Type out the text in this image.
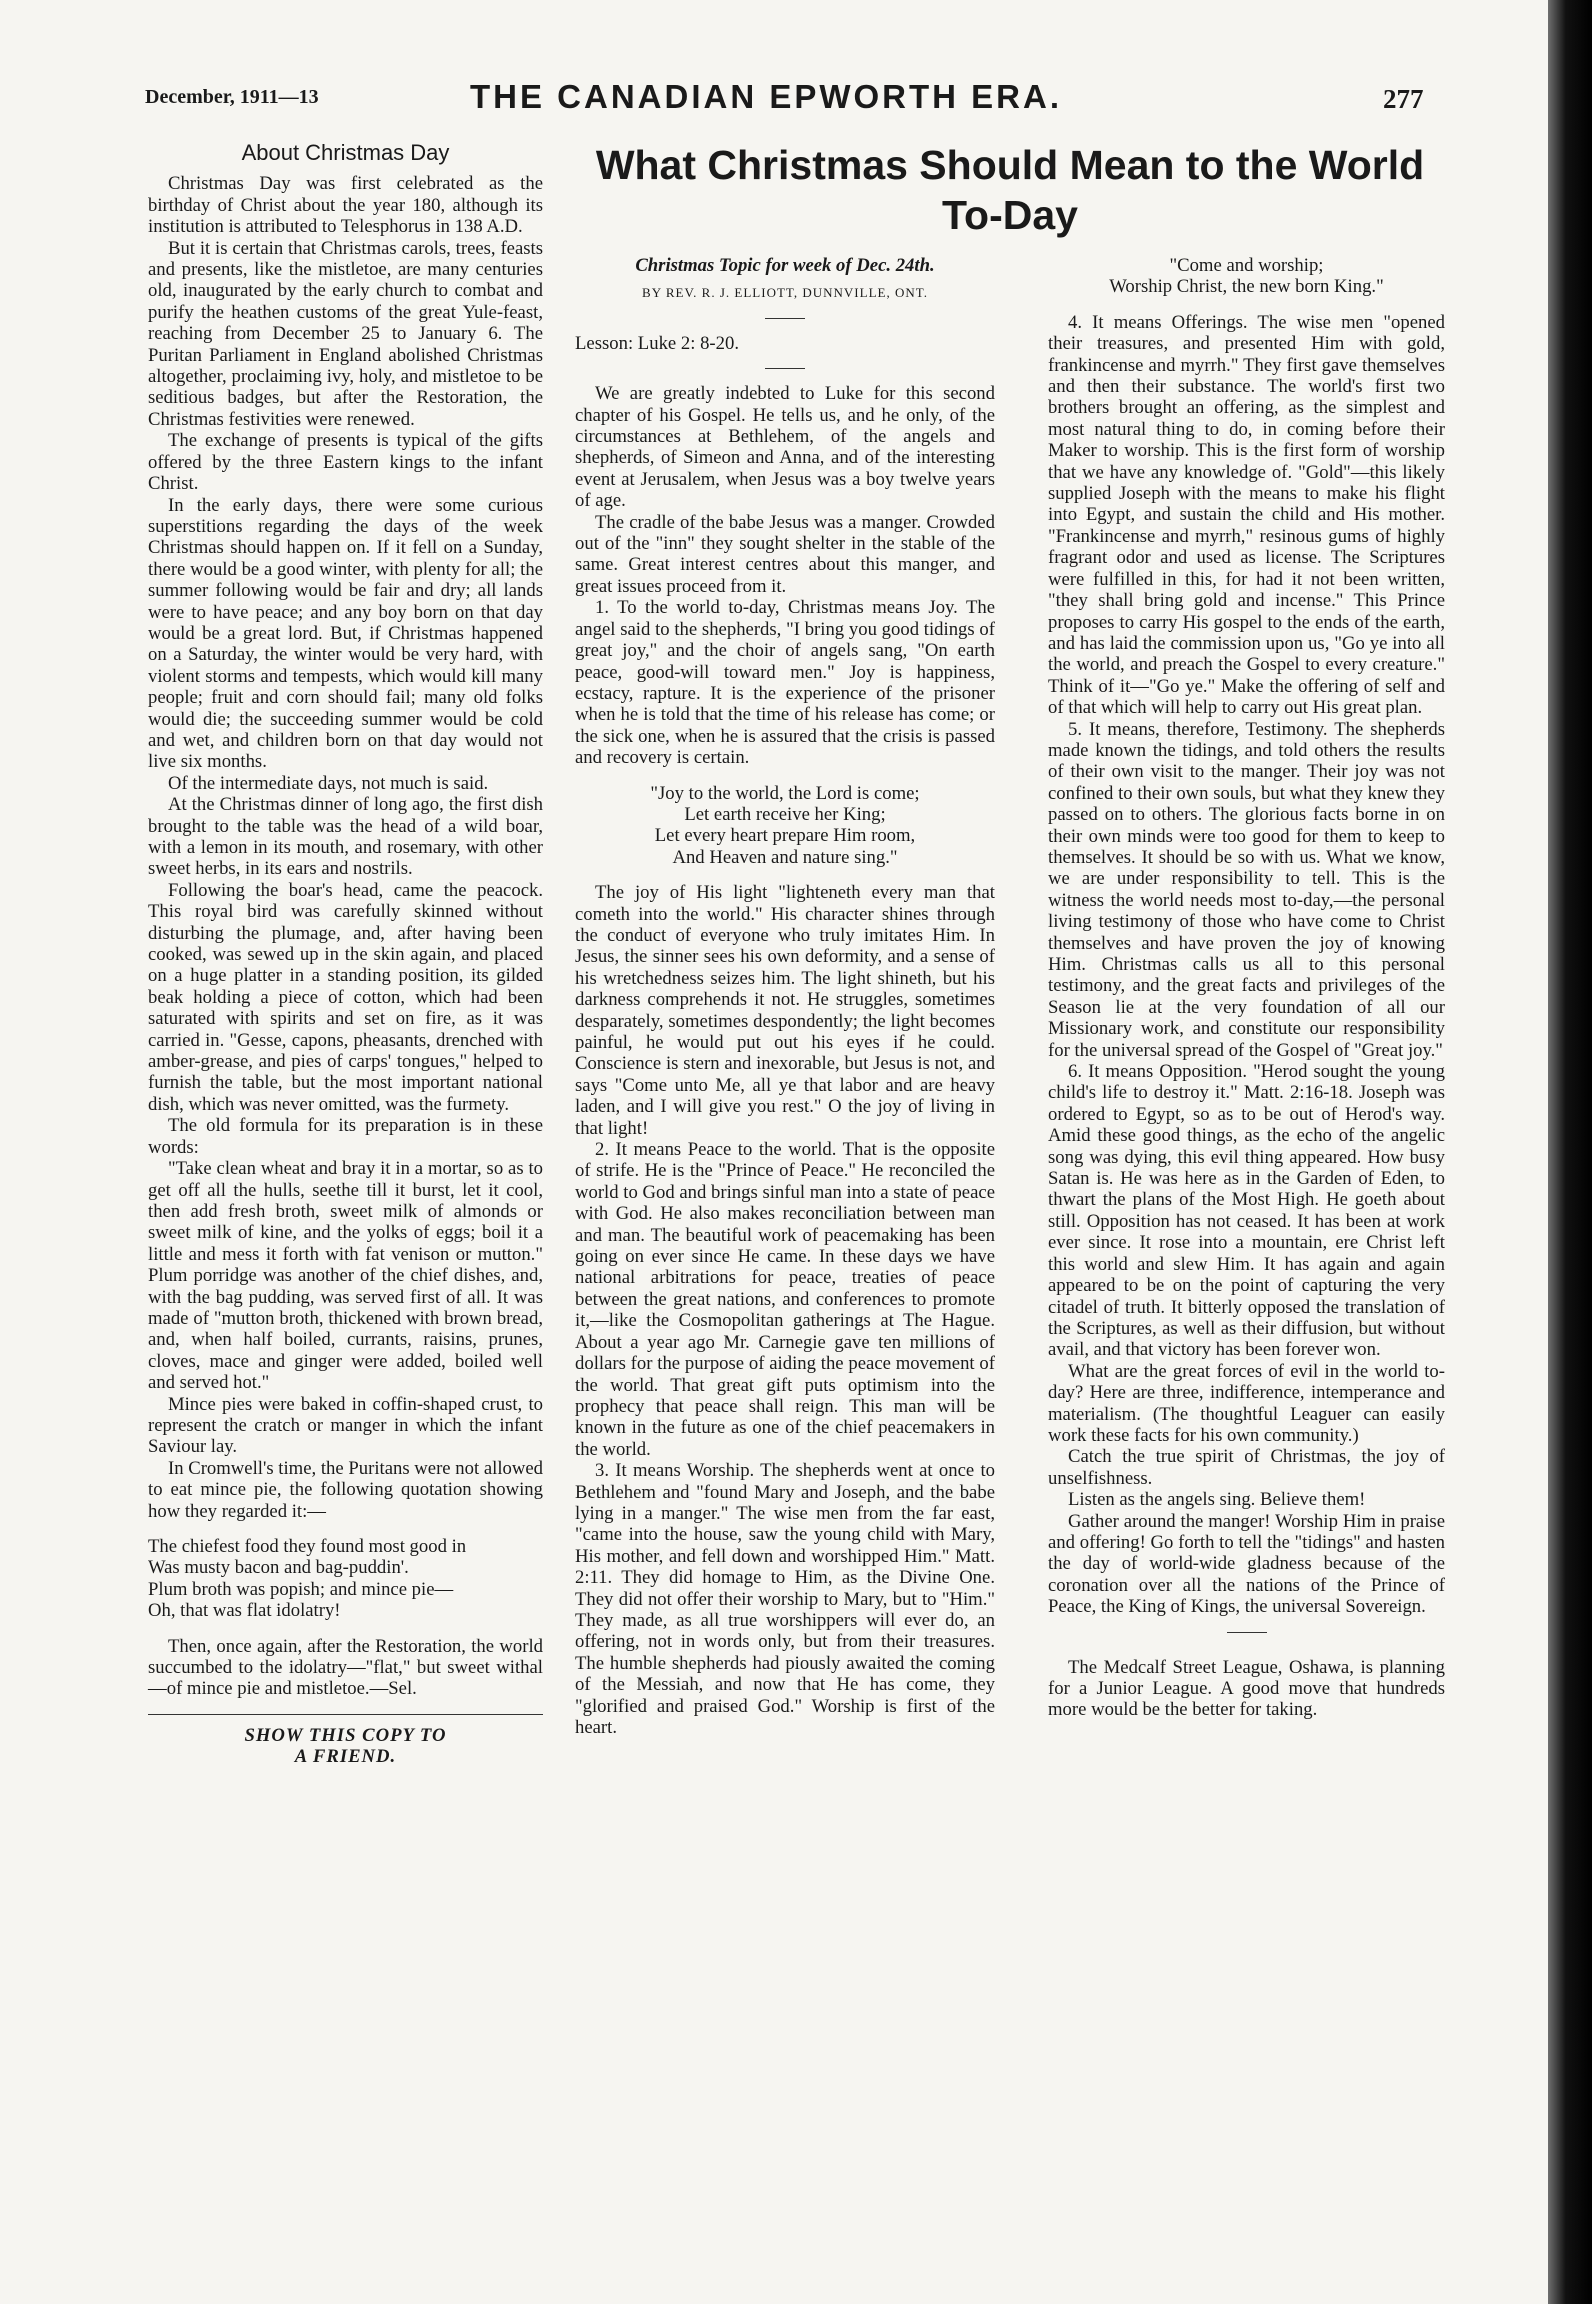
December, 1911—13	THE CANADIAN EPWORTH ERA.	277
About Christmas Day

Christmas Day was first celebrated as the birthday of Christ about the year 180, although its institution is attributed to Telesphorus in 138 A.D.

But it is certain that Christmas carols, trees, feasts and presents, like the mistletoe, are many centuries old, inaugurated by the early church to combat and purify the heathen customs of the great Yule-feast, reaching from December 25 to January 6. The Puritan Parliament in England abolished Christmas altogether, proclaiming ivy, holy, and mistletoe to be seditious badges, but after the Restoration, the Christmas festivities were renewed.

The exchange of presents is typical of the gifts offered by the three Eastern kings to the infant Christ.

In the early days, there were some curious superstitions regarding the days of the week Christmas should happen on. If it fell on a Sunday, there would be a good winter, with plenty for all; the summer following would be fair and dry; all lands were to have peace; and any boy born on that day would be a great lord. But, if Christmas happened on a Saturday, the winter would be very hard, with violent storms and tempests, which would kill many people; fruit and corn should fail; many old folks would die; the succeeding summer would be cold and wet, and children born on that day would not live six months.

Of the intermediate days, not much is said.

At the Christmas dinner of long ago, the first dish brought to the table was the head of a wild boar, with a lemon in its mouth, and rosemary, with other sweet herbs, in its ears and nostrils.

Following the boar's head, came the peacock. This royal bird was carefully skinned without disturbing the plumage, and, after having been cooked, was sewed up in the skin again, and placed on a huge platter in a standing position, its gilded beak holding a piece of cotton, which had been saturated with spirits and set on fire, as it was carried in. "Gesse, capons, pheasants, drenched with amber-grease, and pies of carps' tongues," helped to furnish the table, but the most important national dish, which was never omitted, was the furmety.

The old formula for its preparation is in these words:

"Take clean wheat and bray it in a mortar, so as to get off all the hulls, seethe till it burst, let it cool, then add fresh broth, sweet milk of almonds or sweet milk of kine, and the yolks of eggs; boil it a little and mess it forth with fat venison or mutton." Plum porridge was another of the chief dishes, and, with the bag pudding, was served first of all. It was made of "mutton broth, thickened with brown bread, and, when half boiled, currants, raisins, prunes, cloves, mace and ginger were added, boiled well and served hot."

Mince pies were baked in coffin-shaped crust, to represent the cratch or manger in which the infant Saviour lay.

In Cromwell's time, the Puritans were not allowed to eat mince pie, the following quotation showing how they regarded it:—

The chiefest food they found most good in

Was musty bacon and bag-puddin'.

Plum broth was popish; and mince pie—

Oh, that was flat idolatry!

Then, once again, after the Restoration, the world succumbed to the idolatry—"flat," but sweet withal—of mince pie and mistletoe.—Sel.

SHOW THIS COPY TO

A FRIEND.

What Christmas Should Mean to the World To-Day

Christmas Topic for week of Dec. 24th.

BY REV. R. J. ELLIOTT, DUNNVILLE, ONT.

Lesson: Luke 2: 8-20.

We are greatly indebted to Luke for this second chapter of his Gospel. He tells us, and he only, of the circumstances at Bethlehem, of the angels and shepherds, of Simeon and Anna, and of the interesting event at Jerusalem, when Jesus was a boy twelve years of age.

The cradle of the babe Jesus was a manger. Crowded out of the "inn" they sought shelter in the stable of the same. Great interest centres about this manger, and great issues proceed from it.

1. To the world to-day, Christmas means Joy. The angel said to the shepherds, "I bring you good tidings of great joy," and the choir of angels sang, "On earth peace, good-will toward men." Joy is happiness, ecstacy, rapture. It is the experience of the prisoner when he is told that the time of his release has come; or the sick one, when he is assured that the crisis is passed and recovery is certain.

"Joy to the world, the Lord is come;

Let earth receive her King;

Let every heart prepare Him room,

And Heaven and nature sing."

The joy of His light "lighteneth every man that cometh into the world." His character shines through the conduct of everyone who truly imitates Him. In Jesus, the sinner sees his own deformity, and a sense of his wretchedness seizes him. The light shineth, but his darkness comprehends it not. He struggles, sometimes desparately, sometimes despondently; the light becomes painful, he would put out his eyes if he could. Conscience is stern and inexorable, but Jesus is not, and says "Come unto Me, all ye that labor and are heavy laden, and I will give you rest." O the joy of living in that light!

2. It means Peace to the world. That is the opposite of strife. He is the "Prince of Peace." He reconciled the world to God and brings sinful man into a state of peace with God. He also makes reconciliation between man and man. The beautiful work of peacemaking has been going on ever since He came. In these days we have national arbitrations for peace, treaties of peace between the great nations, and conferences to promote it,—like the Cosmopolitan gatherings at The Hague. About a year ago Mr. Carnegie gave ten millions of dollars for the purpose of aiding the peace movement of the world. That great gift puts optimism into the prophecy that peace shall reign. This man will be known in the future as one of the chief peacemakers in the world.

3. It means Worship. The shepherds went at once to Bethlehem and "found Mary and Joseph, and the babe lying in a manger." The wise men from the far east, "came into the house, saw the young child with Mary, His mother, and fell down and worshipped Him." Matt. 2:11. They did homage to Him, as the Divine One. They did not offer their worship to Mary, but to "Him." They made, as all true worshippers will ever do, an offering, not in words only, but from their treasures. The humble shepherds had piously awaited the coming of the Messiah, and now that He has come, they "glorified and praised God." Worship is first of the heart.

"Come and worship;

Worship Christ, the new born King."

4. It means Offerings. The wise men "opened their treasures, and presented Him with gold, frankincense and myrrh." They first gave themselves and then their substance. The world's first two brothers brought an offering, as the simplest and most natural thing to do, in coming before their Maker to worship. This is the first form of worship that we have any knowledge of. "Gold"—this likely supplied Joseph with the means to make his flight into Egypt, and sustain the child and His mother. "Frankincense and myrrh," resinous gums of highly fragrant odor and used as license. The Scriptures were fulfilled in this, for had it not been written, "they shall bring gold and incense." This Prince proposes to carry His gospel to the ends of the earth, and has laid the commission upon us, "Go ye into all the world, and preach the Gospel to every creature." Think of it—"Go ye." Make the offering of self and of that which will help to carry out His great plan.

5. It means, therefore, Testimony. The shepherds made known the tidings, and told others the results of their own visit to the manger. Their joy was not confined to their own souls, but what they knew they passed on to others. The glorious facts borne in on their own minds were too good for them to keep to themselves. It should be so with us. What we know, we are under responsibility to tell. This is the witness the world needs most to-day,—the personal living testimony of those who have come to Christ themselves and have proven the joy of knowing Him. Christmas calls us all to this personal testimony, and the great facts and privileges of the Season lie at the very foundation of all our Missionary work, and constitute our responsibility for the universal spread of the Gospel of "Great joy."

6. It means Opposition. "Herod sought the young child's life to destroy it." Matt. 2:16-18. Joseph was ordered to Egypt, so as to be out of Herod's way. Amid these good things, as the echo of the angelic song was dying, this evil thing appeared. How busy Satan is. He was here as in the Garden of Eden, to thwart the plans of the Most High. He goeth about still. Opposition has not ceased. It has been at work ever since. It rose into a mountain, ere Christ left this world and slew Him. It has again and again appeared to be on the point of capturing the very citadel of truth. It bitterly opposed the translation of the Scriptures, as well as their diffusion, but without avail, and that victory has been forever won.

What are the great forces of evil in the world to-day? Here are three, indifference, intemperance and materialism. (The thoughtful Leaguer can easily work these facts for his own community.)

Catch the true spirit of Christmas, the joy of unselfishness.

Listen as the angels sing. Believe them!

Gather around the manger! Worship Him in praise and offering! Go forth to tell the "tidings" and hasten the day of world-wide gladness because of the coronation over all the nations of the Prince of Peace, the King of Kings, the universal Sovereign.

The Medcalf Street League, Oshawa, is planning for a Junior League. A good move that hundreds more would be the better for taking.
